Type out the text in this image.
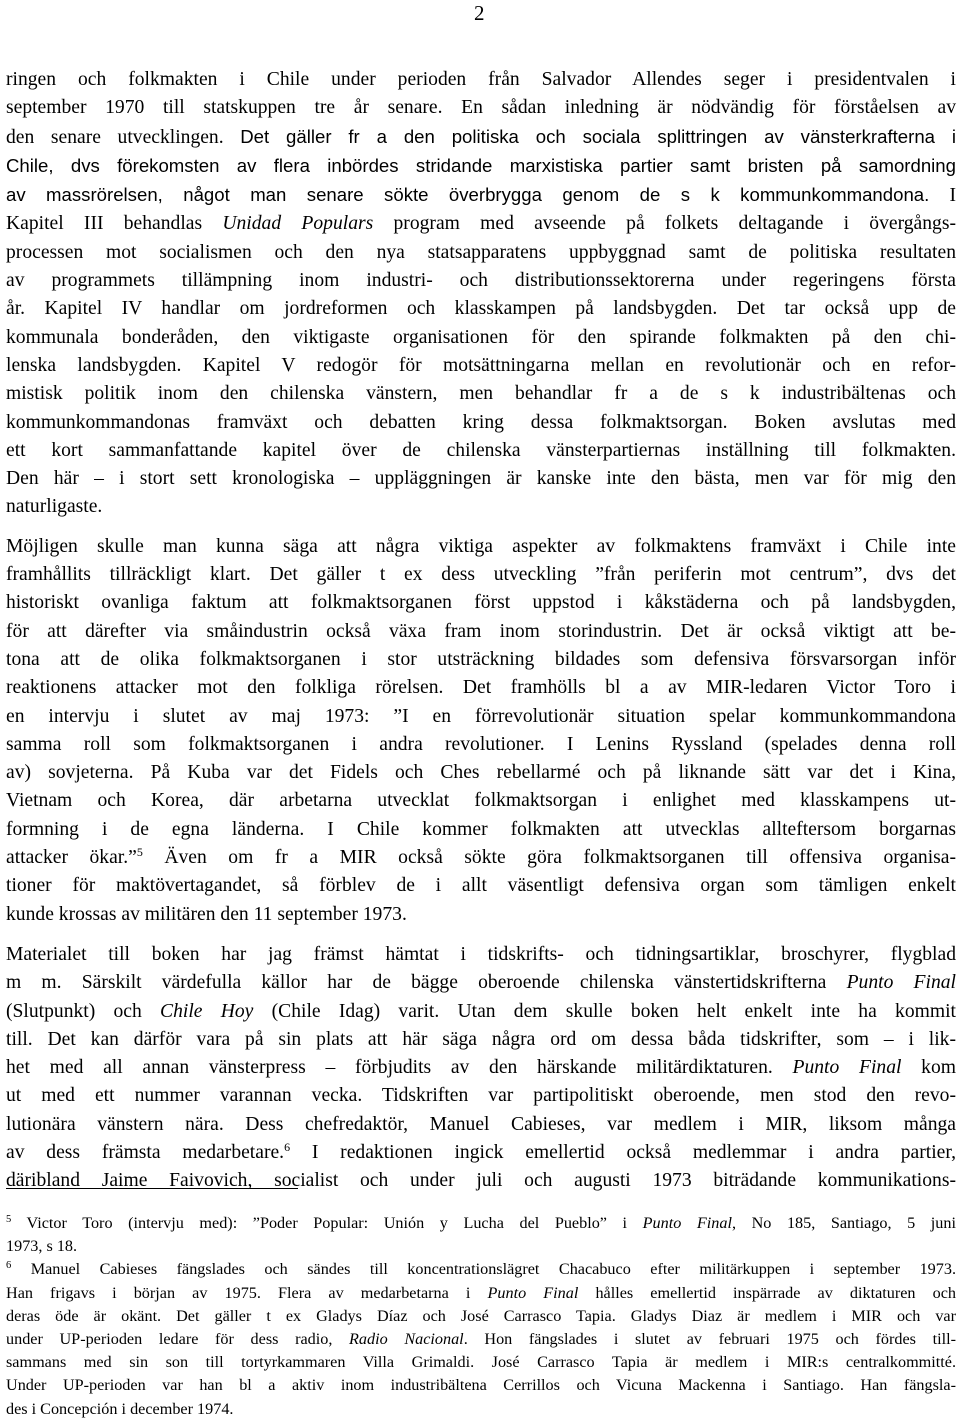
2
ringen och folkmakten i Chile under perioden från Salvador Allendes seger i presidentvalen i
september 1970 till statskuppen tre år senare. En sådan inledning är nödvändig för förståelsen av
den senare utvecklingen. Det gäller fr a den politiska och sociala splittringen av vänsterkrafterna i
Chile, dvs förekomsten av flera inbördes stridande marxistiska partier samt bristen på samordning
av massrörelsen, något man senare sökte överbrygga genom de s k kommunkommandona. I
Kapitel III behandlas Unidad Populars program med avseende på folkets deltagande i övergångs-
processen mot socialismen och den nya statsapparatens uppbyggnad samt de politiska resultaten
av programmets tillämpning inom industri- och distributionssektorerna under regeringens första
år. Kapitel IV handlar om jordreformen och klasskampen på landsbygden. Det tar också upp de
kommunala bonderåden, den viktigaste organisationen för den spirande folkmakten på den chi-
lenska landsbygden. Kapitel V redogör för motsättningarna mellan en revolutionär och en refor-
mistisk politik inom den chilenska vänstern, men behandlar fr a de s k industribältenas och
kommunkommandonas framväxt och debatten kring dessa folkmaktsorgan. Boken avslutas med
ett kort sammanfattande kapitel över de chilenska vänsterpartiernas inställning till folkmakten.
Den här – i stort sett kronologiska – uppläggningen är kanske inte den bästa, men var för mig den
naturligaste.
Möjligen skulle man kunna säga att några viktiga aspekter av folkmaktens framväxt i Chile inte
framhållits tillräckligt klart. Det gäller t ex dess utveckling ”från periferin mot centrum”, dvs det
historiskt ovanliga faktum att folkmaktsorganen först uppstod i kåkstäderna och på landsbygden,
för att därefter via småindustrin också växa fram inom storindustrin. Det är också viktigt att be-
tona att de olika folkmaktsorganen i stor utsträckning bildades som defensiva försvarsorgan inför
reaktionens attacker mot den folkliga rörelsen. Det framhölls bl a av MIR-ledaren Victor Toro i
en intervju i slutet av maj 1973: ”I en förrevolutionär situation spelar kommunkommandona
samma roll som folkmaktsorganen i andra revolutioner. I Lenins Ryssland (spelades denna roll
av) sovjeterna. På Kuba var det Fidels och Ches rebellarmé och på liknande sätt var det i Kina,
Vietnam och Korea, där arbetarna utvecklat folkmaktsorgan i enlighet med klasskampens ut-
formning i de egna länderna. I Chile kommer folkmakten att utvecklas allteftersom borgarnas
attacker ökar.”$^5$ Även om fr a MIR också sökte göra folkmaktsorganen till offensiva organisa-
tioner för maktövertagandet, så förblev de i allt väsentligt defensiva organ som tämligen enkelt
kunde krossas av militären den 11 september 1973.
Materialet till boken har jag främst hämtat i tidskrifts- och tidningsartiklar, broschyrer, flygblad
m m. Särskilt värdefulla källor har de bägge oberoende chilenska vänstertidskrifterna Punto Final
(Slutpunkt) och Chile Hoy (Chile Idag) varit. Utan dem skulle boken helt enkelt inte ha kommit
till. Det kan därför vara på sin plats att här säga några ord om dessa båda tidskrifter, som – i lik-
het med all annan vänsterpress – förbjudits av den härskande militärdiktaturen. Punto Final kom
ut med ett nummer varannan vecka. Tidskriften var partipolitiskt oberoende, men stod den revo-
lutionära vänstern nära. Dess chefredaktör, Manuel Cabieses, var medlem i MIR, liksom många
av dess främsta medarbetare.$^6$ I redaktionen ingick emellertid också medlemmar i andra partier,
däribland Jaime Faivovich, socialist och under juli och augusti 1973 biträdande kommunikations-
$^5$ Victor Toro (intervju med): ”Poder Popular: Unión y Lucha del Pueblo” i Punto Final, No 185, Santiago, 5 juni
1973, s 18.
$^6$ Manuel Cabieses fängslades och sändes till koncentrationslägret Chacabuco efter militärkuppen i september 1973.
Han frigavs i början av 1975. Flera av medarbetarna i Punto Final hålles emellertid inspärrade av diktaturen och
deras öde är okänt. Det gäller t ex Gladys Díaz och José Carrasco Tapia. Gladys Diaz är medlem i MIR och var
under UP-perioden ledare för dess radio, Radio Nacional. Hon fängslades i slutet av februari 1975 och fördes till-
sammans med sin son till tortyrkammaren Villa Grimaldi. José Carrasco Tapia är medlem i MIR:s centralkommitté.
Under UP-perioden var han bl a aktiv inom industribältena Cerrillos och Vicuna Mackenna i Santiago. Han fängsla-
des i Concepción i december 1974.
